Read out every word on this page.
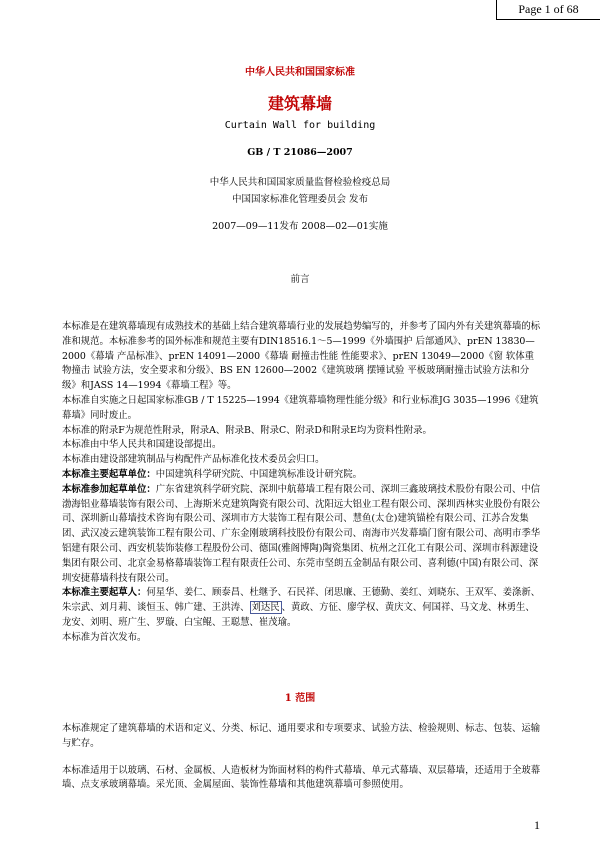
Page 1 of 68
中华人民共和国国家标准
建筑幕墙
Curtain Wall for building
GB / T 21086—2007
中华人民共和国国家质量监督检验检疫总局
中国国家标准化管理委员会 发布
2007—09—11发布 2008—02—01实施
前言

本标准是在建筑幕墙现有成熟技术的基础上结合建筑幕墙行业的发展趋势编写的，并参考了国内外有关建筑幕墙的标准和规范。本标准参考的国外标准和规范主要有DIN18516.1～5—1999《外墙围护 后部通风》、prEN 13830—2000《幕墙 产品标准》、prEN 14091—2000《幕墙 耐撞击性能 性能要求》、prEN 13049—2000《窗 软体重物撞击 试验方法，安全要求和分级》、BS EN 12600—2002《建筑玻璃 摆锤试验 平板玻璃耐撞击试验方法和分级》和JASS 14—1994《幕墙工程》等。

本标准自实施之日起国家标准GB / T 15225—1994《建筑幕墙物理性能分级》和行业标准JG 3035—1996《建筑幕墙》同时废止。

本标准的附录F为规范性附录，附录A、附录B、附录C、附录D和附录E均为资料性附录。

本标准由中华人民共和国建设部提出。

本标准由建设部建筑制品与构配件产品标准化技术委员会归口。

本标准主要起草单位：中国建筑科学研究院、中国建筑标准设计研究院。

本标准参加起草单位：广东省建筑科学研究院、深圳中航幕墙工程有限公司、深圳三鑫玻璃技术股份有限公司、中信渤海铝业幕墙装饰有限公司、上海斯米克建筑陶瓷有限公司、沈阳远大铝业工程有限公司、深圳西林实业股份有限公司、深圳新山幕墙技术咨询有限公司、深圳市方大装饰工程有限公司、慧鱼(太仓)建筑锚栓有限公司、江苏合发集团、武汉凌云建筑装饰工程有限公司、广东金刚玻璃科技股份有限公司、南海市兴发幕墙门窗有限公司、高明市季华铝建有限公司、西安机装饰装修工程股份公司、德国(雅阁博陶)陶瓷集团、杭州之江化工有限公司、深圳市科源建设集团有限公司、北京金易格幕墙装饰工程有限责任公司、东莞市坚朗五金制品有限公司、喜利德(中国)有限公司、深圳安捷幕墙科技有限公司。

本标准主要起草人：何星华、姜仁、顾泰昌、杜继予、石民祥、闭思廉、王德勤、姜红、刘晓东、王双军、姜涤新、朱宗武、刘月莉、谈恒玉、韩广建、王洪涛、 刘达民 、黄政、方征、廖学权、黄庆文、何国祥、马文龙、林勇生、龙安、刘明、班广生、罗璇、白宝鲲、王聪慧、崔茂瑜。

本标准为首次发布。

1 范围

本标准规定了建筑幕墙的术语和定义、分类、标记、通用要求和专项要求、试验方法、检验规则、标志、包装、运输与贮存。

本标准适用于以玻璃、石材、金属板、人造板材为饰面材料的构件式幕墙、单元式幕墙、双层幕墙，还适用于全玻幕墙、点支承玻璃幕墙。采光顶、金属屋面、装饰性幕墙和其他建筑幕墙可参照使用。

1
